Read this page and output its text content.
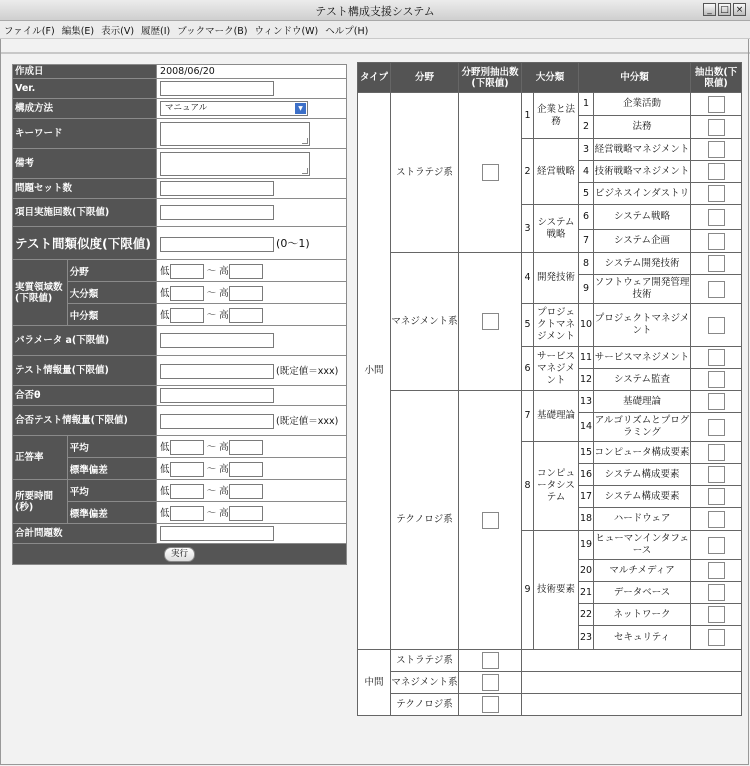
テスト構成支援システム	_ □ ×
ファイル(F) 編集(E) 表示(V) 履歴(I) ブックマーク(B) ウィンドウ(W) ヘルプ(H)
作成日		2008/06/20
Ver.		
構成方法		マニュアル ▼

キーワード		
備考		
問題セット数		
項目実施回数(下限値)		
テスト間類似度(下限値)		(0〜1)
実質領域数(下限値)	分野	低 〜 高
	大分類	低 〜 高
	中分類	低 〜 高
パラメータ a(下限値)		
テスト情報量(下限値)		(既定値＝xxx)
合否θ		
合否テスト情報量(下限値)		(既定値＝xxx)
正答率	平均	低 〜 高
	標準偏差	低 〜 高
所要時間(秒)	平均	低 〜 高
	標準偏差	低 〜 高
合計問題数		
実行		
タイプ	分野	分野別抽出数(下限値)	大分類		中分類		抽出数(下限値)
小問	ストラテジ系		1	企業と法務	1	企業活動	
					2	法務	
			2	経営戦略	3	経営戦略マネジメント	
					4	技術戦略マネジメント	
					5	ビジネスインダストリ	
			3	システム戦略	6	システム戦略	
					7	システム企画	
	マネジメント系		4	開発技術	8	システム開発技術	
					9	ソフトウェア開発管理技術	
			5	プロジェクトマネジメント	10	プロジェクトマネジメント	
			6	サービスマネジメント	11	サービスマネジメント	
					12	システム監査	
	テクノロジ系		7	基礎理論	13	基礎理論	
					14	アルゴリズムとプログラミング	
			8	コンピュータシステム	15	コンピュータ構成要素	
					16	システム構成要素	
					17	システム構成要素	
					18	ハードウェア	
			9	技術要素	19	ヒューマンインタフェース	
					20	マルチメディア	
					21	データベース	
					22	ネットワーク	
					23	セキュリティ	
中問	ストラテジ系						
	マネジメント系						
	テクノロジ系						
